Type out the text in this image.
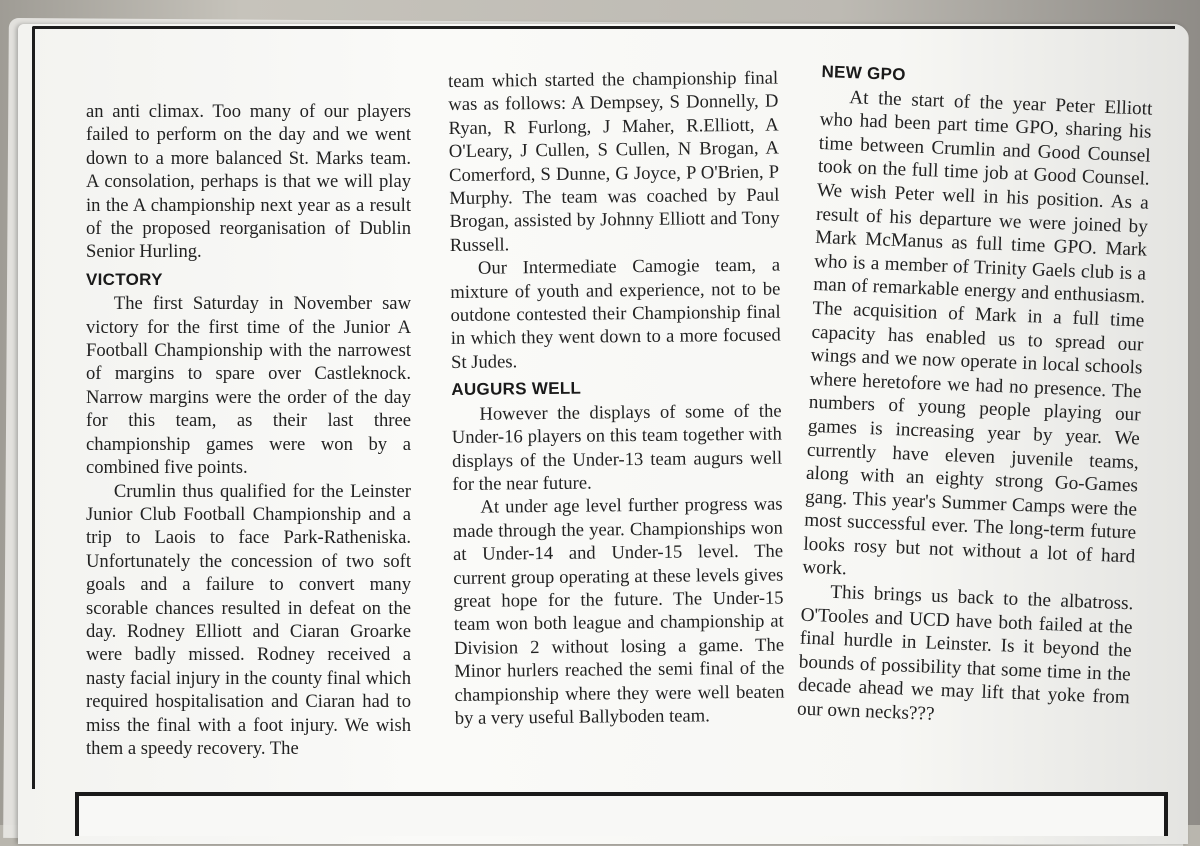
an anti climax. Too many of our players failed to perform on the day and we went down to a more balanced St. Marks team. A consolation, perhaps is that we will play in the A championship next year as a result of the proposed reorganisation of Dublin Senior Hurling.

VICTORY

The first Saturday in November saw victory for the first time of the Junior A Football Championship with the narrowest of margins to spare over Castleknock. Narrow margins were the order of the day for this team, as their last three championship games were won by a combined five points.

Crumlin thus qualified for the Leinster Junior Club Football Championship and a trip to Laois to face Park-Ratheniska. Unfortunately the concession of two soft goals and a failure to convert many scorable chances resulted in defeat on the day. Rodney Elliott and Ciaran Groarke were badly missed. Rodney received a nasty facial injury in the county final which required hospitalisation and Ciaran had to miss the final with a foot injury. We wish them a speedy recovery. The

team which started the championship final was as follows: A Dempsey, S Donnelly, D Ryan, R Furlong, J Maher, R.Elliott, A O'Leary, J Cullen, S Cullen, N Brogan, A Comerford, S Dunne, G Joyce, P O'Brien, P Murphy. The team was coached by Paul Brogan, assisted by Johnny Elliott and Tony Russell.

Our Intermediate Camogie team, a mixture of youth and experience, not to be outdone contested their Championship final in which they went down to a more focused St Judes.

AUGURS WELL

However the displays of some of the Under-16 players on this team together with displays of the Under-13 team augurs well for the near future.

At under age level further progress was made through the year. Championships won at Under-14 and Under-15 level. The current group operating at these levels gives great hope for the future. The Under-15 team won both league and championship at Division 2 without losing a game. The Minor hurlers reached the semi final of the championship where they were well beaten by a very useful Ballyboden team.

NEW GPO

At the start of the year Peter Elliott who had been part time GPO, sharing his time between Crumlin and Good Counsel took on the full time job at Good Counsel. We wish Peter well in his position. As a result of his departure we were joined by Mark McManus as full time GPO. Mark who is a member of Trinity Gaels club is a man of remarkable energy and enthusiasm. The acquisition of Mark in a full time capacity has enabled us to spread our wings and we now operate in local schools where heretofore we had no presence. The numbers of young people playing our games is increasing year by year. We currently have eleven juvenile teams, along with an eighty strong Go-Games gang. This year's Summer Camps were the most successful ever. The long-term future looks rosy but not without a lot of hard work.

This brings us back to the albatross. O'Tooles and UCD have both failed at the final hurdle in Leinster. Is it beyond the bounds of possibility that some time in the decade ahead we may lift that yoke from our own necks???
